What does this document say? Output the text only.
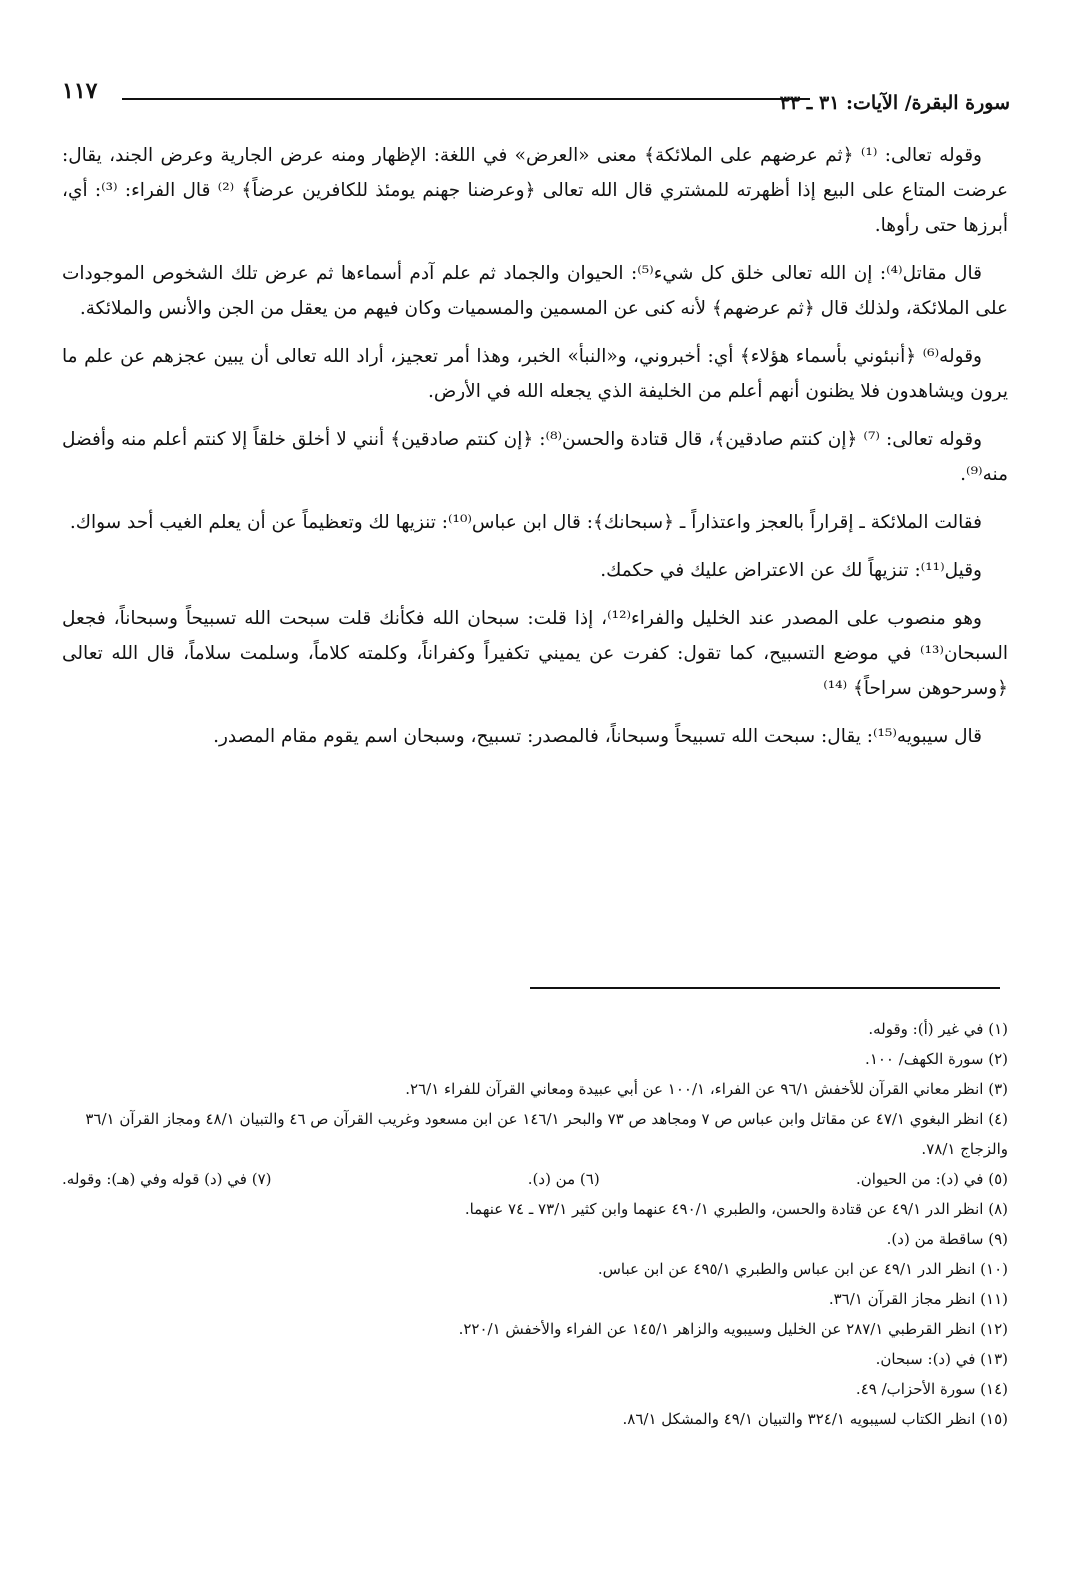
١١٧	سورة البقرة/ الآيات: ٣١ ـ ٣٣

وقوله تعالى: ⁽¹⁾ ﴿ثم عرضهم على الملائكة﴾ معنى «العرض» في اللغة: الإظهار ومنه عرض الجارية وعرض الجند، يقال: عرضت المتاع على البيع إذا أظهرته للمشتري قال الله تعالى ﴿وعرضنا جهنم يومئذ للكافرين عرضاً﴾ ⁽²⁾ قال الفراء: ⁽³⁾: أي، أبرزها حتى رأوها.

قال مقاتل⁽⁴⁾: إن الله تعالى خلق كل شيء⁽⁵⁾: الحيوان والجماد ثم علم آدم أسماءها ثم عرض تلك الشخوص الموجودات على الملائكة، ولذلك قال ﴿ثم عرضهم﴾ لأنه كنى عن المسمين والمسميات وكان فيهم من يعقل من الجن والأنس والملائكة.

وقوله⁽⁶⁾ ﴿أنبئوني بأسماء هؤلاء﴾ أي: أخبروني، و«النبأ» الخبر، وهذا أمر تعجيز، أراد الله تعالى أن يبين عجزهم عن علم ما يرون ويشاهدون فلا يظنون أنهم أعلم من الخليفة الذي يجعله الله في الأرض.

وقوله تعالى: ⁽⁷⁾ ﴿إن كنتم صادقين﴾، قال قتادة والحسن⁽⁸⁾: ﴿إن كنتم صادقين﴾ أنني لا أخلق خلقاً إلا كنتم أعلم منه وأفضل منه⁽⁹⁾.

فقالت الملائكة ـ إقراراً بالعجز واعتذاراً ـ ﴿سبحانك﴾: قال ابن عباس⁽¹⁰⁾: تنزيها لك وتعظيماً عن أن يعلم الغيب أحد سواك.

وقيل⁽¹¹⁾: تنزيهاً لك عن الاعتراض عليك في حكمك.

وهو منصوب على المصدر عند الخليل والفراء⁽¹²⁾، إذا قلت: سبحان الله فكأنك قلت سبحت الله تسبيحاً وسبحاناً، فجعل السبحان⁽¹³⁾ في موضع التسبيح، كما تقول: كفرت عن يميني تكفيراً وكفراناً، وكلمته كلاماً، وسلمت سلاماً، قال الله تعالى ﴿وسرحوهن سراحاً﴾ ⁽¹⁴⁾

قال سيبويه⁽¹⁵⁾: يقال: سبحت الله تسبيحاً وسبحاناً، فالمصدر: تسبيح، وسبحان اسم يقوم مقام المصدر.

(١) في غير (أ): وقوله.

(٢) سورة الكهف/ ١٠٠.

(٣) انظر معاني القرآن للأخفش ٩٦/١ عن الفراء، ١٠٠/١ عن أبي عبيدة ومعاني القرآن للفراء ٢٦/١.

(٤) انظر البغوي ٤٧/١ عن مقاتل وابن عباس ص ٧ ومجاهد ص ٧٣ والبحر ١٤٦/١ عن ابن مسعود وغريب القرآن ص ٤٦ والتبيان ٤٨/١ ومجاز القرآن ٣٦/١ والزجاج ٧٨/١.

(٥) في (د): من الحيوان.
(٦) من (د).
(٧) في (د) قوله وفي (هـ): وقوله.

(٨) انظر الدر ٤٩/١ عن قتادة والحسن، والطبري ٤٩٠/١ عنهما وابن كثير ٧٣/١ ـ ٧٤ عنهما.

(٩) ساقطة من (د).

(١٠) انظر الدر ٤٩/١ عن ابن عباس والطبري ٤٩٥/١ عن ابن عباس.

(١١) انظر مجاز القرآن ٣٦/١.

(١٢) انظر القرطبي ٢٨٧/١ عن الخليل وسيبويه والزاهر ١٤٥/١ عن الفراء والأخفش ٢٢٠/١.

(١٣) في (د): سبحان.

(١٤) سورة الأحزاب/ ٤٩.

(١٥) انظر الكتاب لسيبويه ٣٢٤/١ والتبيان ٤٩/١ والمشكل ٨٦/١.
